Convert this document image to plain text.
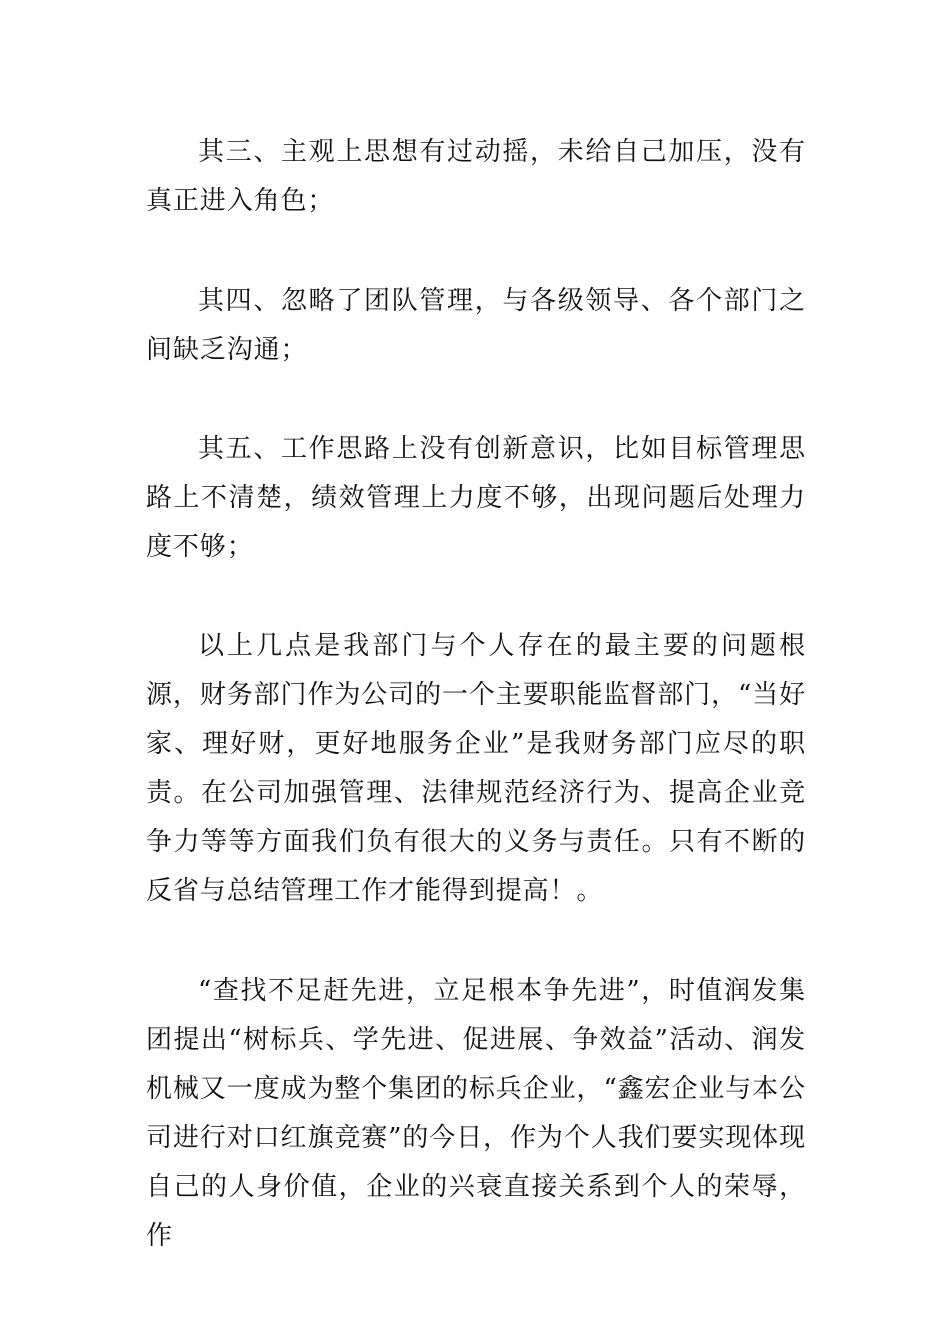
其三、主观上思想有过动摇，未给自己加压，没有真正进入角色；

其四、忽略了团队管理，与各级领导、各个部门之间缺乏沟通；

其五、工作思路上没有创新意识，比如目标管理思路上不清楚，绩效管理上力度不够，出现问题后处理力度不够；

以上几点是我部门与个人存在的最主要的问题根源，财务部门作为公司的一个主要职能监督部门，“当好家、理好财，更好地服务企业”是我财务部门应尽的职责。在公司加强管理、法律规范经济行为、提高企业竞争力等等方面我们负有很大的义务与责任。只有不断的反省与总结管理工作才能得到提高！。

“查找不足赶先进，立足根本争先进”，时值润发集团提出“树标兵、学先进、促进展、争效益”活动、润发机械又一度成为整个集团的标兵企业，“鑫宏企业与本公司进行对口红旗竞赛”的今日，作为个人我们要实现体现自己的人身价值，企业的兴衰直接关系到个人的荣辱，作
